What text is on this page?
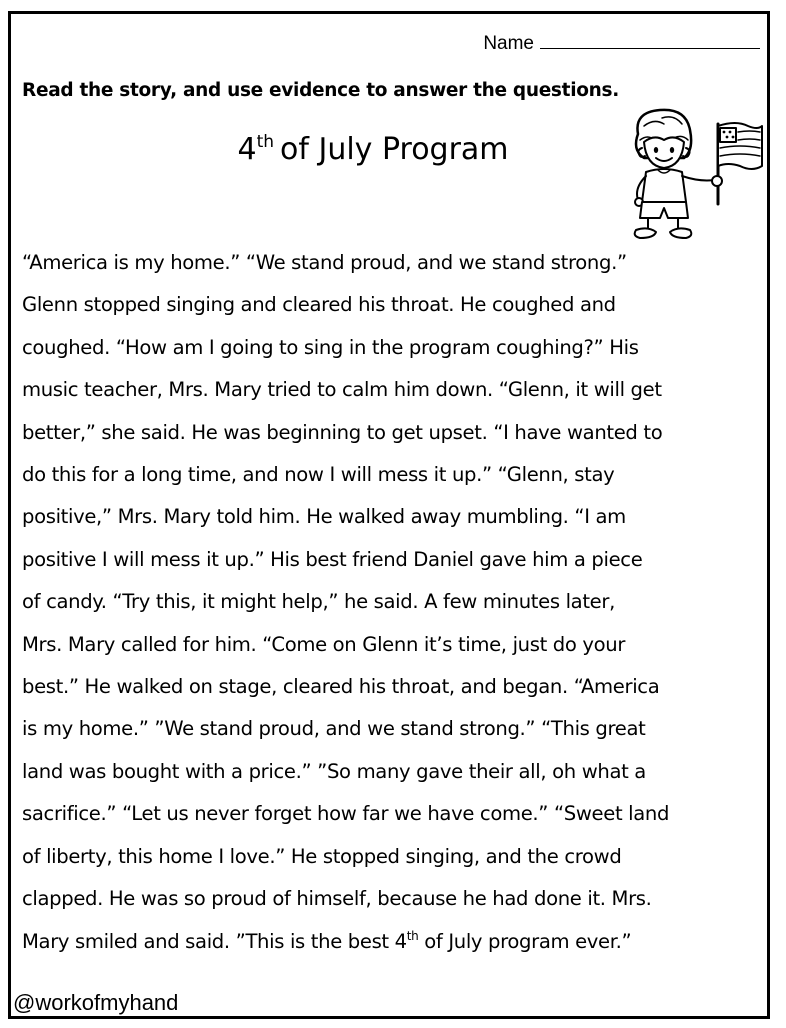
Name
Read the story, and use evidence to answer the questions.
4th of July Program
“America is my home.” “We stand proud, and we stand strong.”
Glenn stopped singing and cleared his throat. He coughed and
coughed. “How am I going to sing in the program coughing?” His
music teacher, Mrs. Mary tried to calm him down. “Glenn, it will get
better,” she said. He was beginning to get upset. “I have wanted to
do this for a long time, and now I will mess it up.” “Glenn, stay
positive,” Mrs. Mary told him. He walked away mumbling. “I am
positive I will mess it up.” His best friend Daniel gave him a piece
of candy. “Try this, it might help,” he said. A few minutes later,
Mrs. Mary called for him. “Come on Glenn it’s time, just do your
best.” He walked on stage, cleared his throat, and began. “America
is my home.” ”We stand proud, and we stand strong.” “This great
land was bought with a price.” ”So many gave their all, oh what a
sacrifice.” “Let us never forget how far we have come.” “Sweet land
of liberty, this home I love.” He stopped singing, and the crowd
clapped. He was so proud of himself, because he had done it. Mrs.
Mary smiled and said. ”This is the best 4th of July program ever.”
@workofmyhand
